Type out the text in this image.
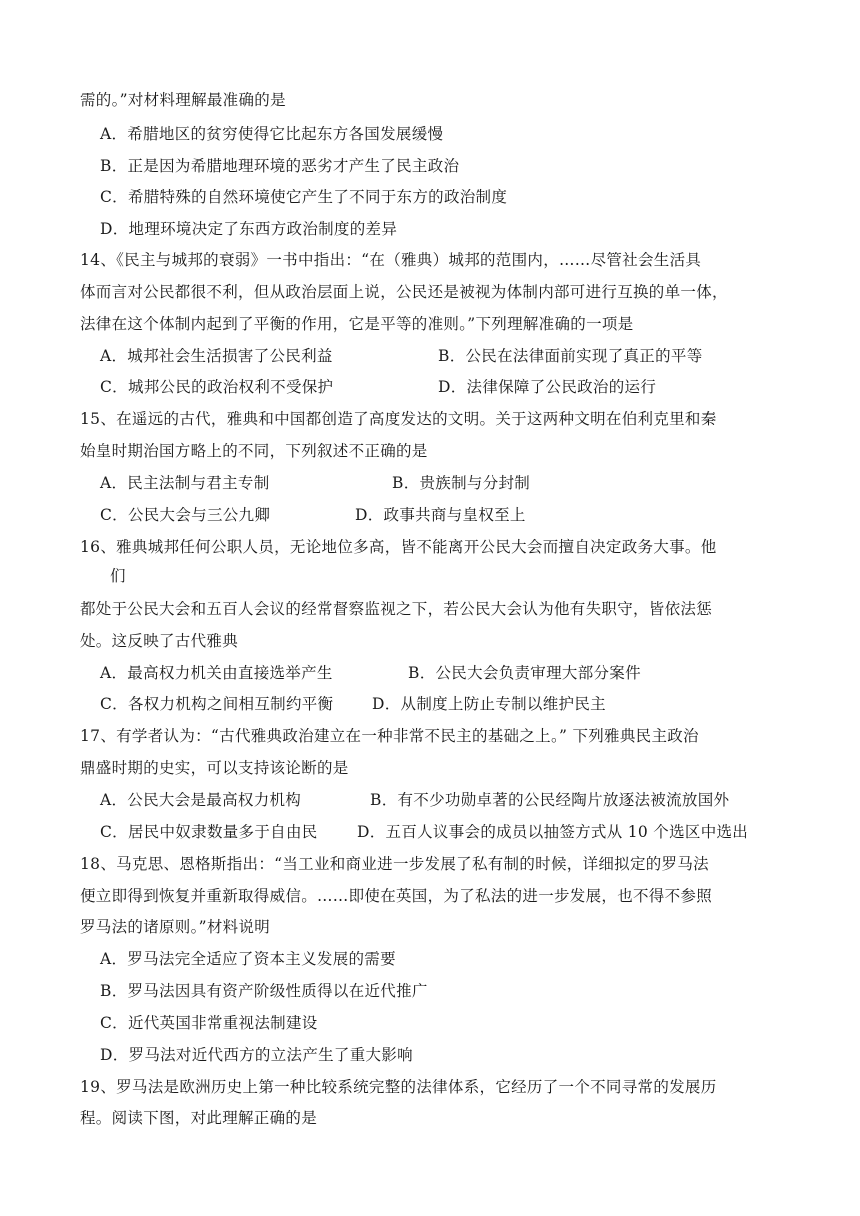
需的。”对材料理解最准确的是
A．希腊地区的贫穷使得它比起东方各国发展缓慢
B．正是因为希腊地理环境的恶劣才产生了民主政治
C．希腊特殊的自然环境使它产生了不同于东方的政治制度
D．地理环境决定了东西方政治制度的差异
14、《民主与城邦的衰弱》一书中指出：“在（雅典）城邦的范围内，……尽管社会生活具
体而言对公民都很不利，但从政治层面上说，公民还是被视为体制内部可进行互换的单一体，
法律在这个体制内起到了平衡的作用，它是平等的准则。”下列理解准确的一项是
A．城邦社会生活损害了公民利益	B．公民在法律面前实现了真正的平等
C．城邦公民的政治权利不受保护	D．法律保障了公民政治的运行
15、在遥远的古代，雅典和中国都创造了高度发达的文明。关于这两种文明在伯利克里和秦
始皇时期治国方略上的不同，下列叙述不正确的是
A．民主法制与君主专制	B．贵族制与分封制
C．公民大会与三公九卿	D．政事共商与皇权至上
16、雅典城邦任何公职人员，无论地位多高，皆不能离开公民大会而擅自决定政务大事。他
们
都处于公民大会和五百人会议的经常督察监视之下，若公民大会认为他有失职守，皆依法惩
处。这反映了古代雅典
A．最高权力机关由直接选举产生	B．公民大会负责审理大部分案件
C．各权力机构之间相互制约平衡 D．从制度上防止专制以维护民主
17、有学者认为：“古代雅典政治建立在一种非常不民主的基础之上。” 下列雅典民主政治
鼎盛时期的史实，可以支持该论断的是
A．公民大会是最高权力机构	B．有不少功勋卓著的公民经陶片放逐法被流放国外
C．居民中奴隶数量多于自由民	D．五百人议事会的成员以抽签方式从 10 个选区中选出
18、马克思、恩格斯指出：“当工业和商业进一步发展了私有制的时候，详细拟定的罗马法
便立即得到恢复并重新取得威信。……即使在英国，为了私法的进一步发展，也不得不参照
罗马法的诸原则。”材料说明
A．罗马法完全适应了资本主义发展的需要
B．罗马法因具有资产阶级性质得以在近代推广
C．近代英国非常重视法制建设
D．罗马法对近代西方的立法产生了重大影响
19、罗马法是欧洲历史上第一种比较系统完整的法律体系，它经历了一个不同寻常的发展历
程。阅读下图，对此理解正确的是
